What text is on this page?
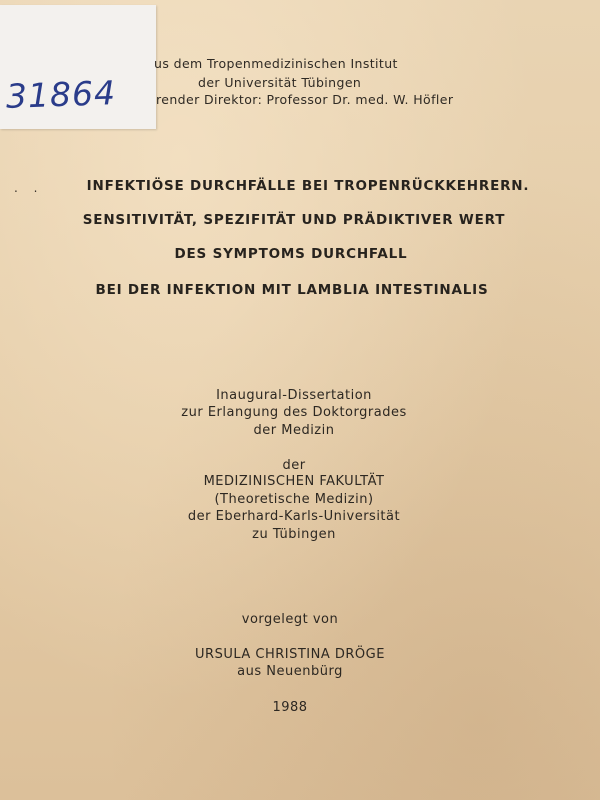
31864
us dem Tropenmedizinischen Institut
der Universität Tübingen
render Direktor: Professor Dr. med. W. Höfler
. .	INFEKTIÖSE DURCHFÄLLE BEI TROPENRÜCKKEHRERN.
SENSITIVITÄT, SPEZIFITÄT UND PRÄDIKTIVER WERT
DES SYMPTOMS DURCHFALL
BEI DER INFEKTION MIT LAMBLIA INTESTINALIS
Inaugural-Dissertation
zur Erlangung des Doktorgrades
der Medizin
der
MEDIZINISCHEN FAKULTÄT
(Theoretische Medizin)
der Eberhard-Karls-Universität
zu Tübingen
vorgelegt von
URSULA CHRISTINA DRÖGE
aus Neuenbürg
1988
